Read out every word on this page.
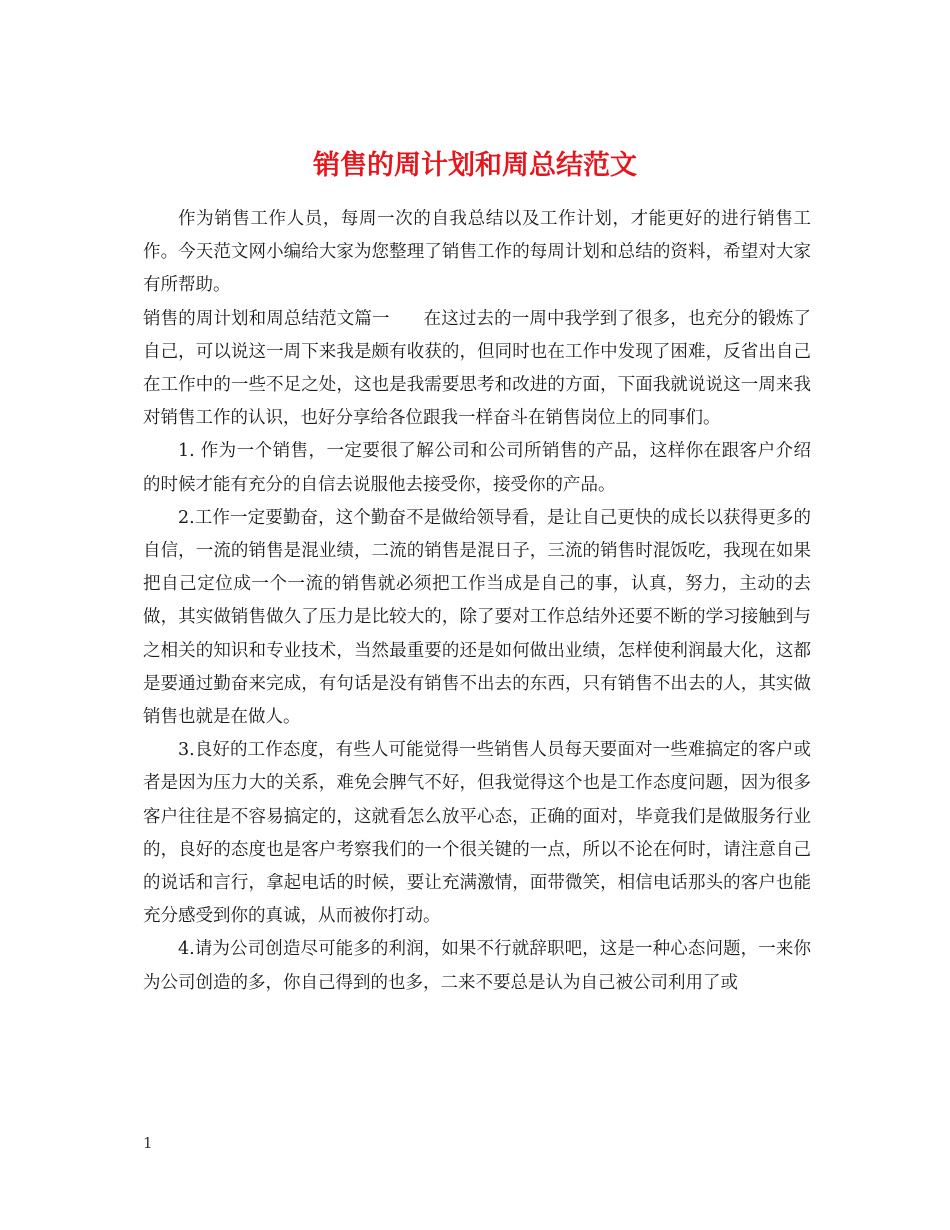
销售的周计划和周总结范文

作为销售工作人员，每周一次的自我总结以及工作计划，才能更好的进行销售工作。今天范文网小编给大家为您整理了销售工作的每周计划和总结的资料，希望对大家有所帮助。

销售的周计划和周总结范文篇一 在这过去的一周中我学到了很多，也充分的锻炼了自己，可以说这一周下来我是颇有收获的，但同时也在工作中发现了困难，反省出自己在工作中的一些不足之处，这也是我需要思考和改进的方面，下面我就说说这一周来我对销售工作的认识，也好分享给各位跟我一样奋斗在销售岗位上的同事们。

1. 作为一个销售，一定要很了解公司和公司所销售的产品，这样你在跟客户介绍的时候才能有充分的自信去说服他去接受你，接受你的产品。

2.工作一定要勤奋，这个勤奋不是做给领导看，是让自己更快的成长以获得更多的自信，一流的销售是混业绩，二流的销售是混日子，三流的销售时混饭吃，我现在如果把自己定位成一个一流的销售就必须把工作当成是自己的事，认真，努力，主动的去做，其实做销售做久了压力是比较大的，除了要对工作总结外还要不断的学习接触到与之相关的知识和专业技术，当然最重要的还是如何做出业绩，怎样使利润最大化，这都是要通过勤奋来完成，有句话是没有销售不出去的东西，只有销售不出去的人，其实做销售也就是在做人。

3.良好的工作态度，有些人可能觉得一些销售人员每天要面对一些难搞定的客户或者是因为压力大的关系，难免会脾气不好，但我觉得这个也是工作态度问题，因为很多客户往往是不容易搞定的，这就看怎么放平心态，正确的面对，毕竟我们是做服务行业的，良好的态度也是客户考察我们的一个很关键的一点，所以不论在何时，请注意自己的说话和言行，拿起电话的时候，要让充满激情，面带微笑，相信电话那头的客户也能充分感受到你的真诚，从而被你打动。

4.请为公司创造尽可能多的利润，如果不行就辞职吧，这是一种心态问题，一来你为公司创造的多，你自己得到的也多，二来不要总是认为自己被公司利用了或

1
